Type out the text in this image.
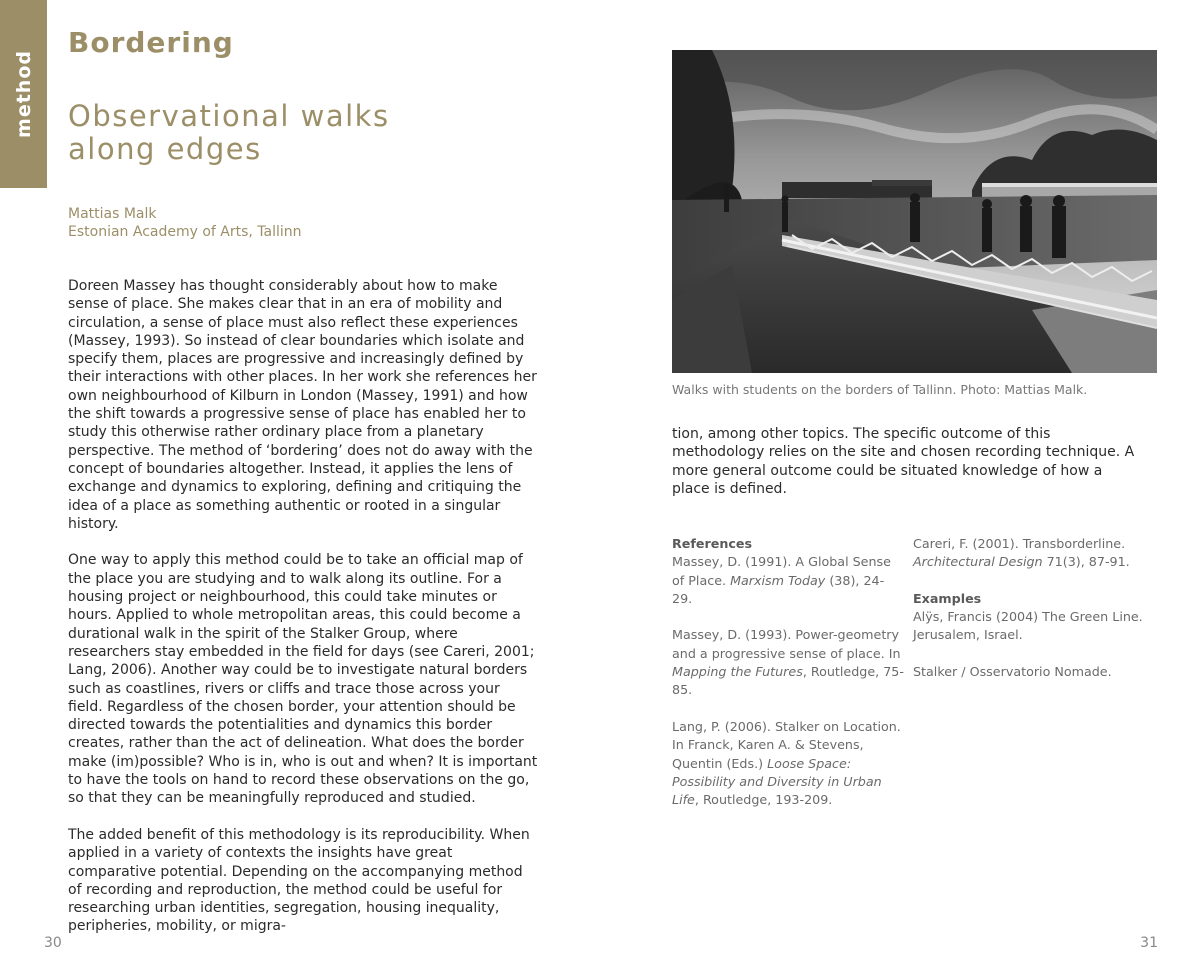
method
Bordering
Observational walks
along edges
Mattias Malk
Estonian Academy of Arts, Tallinn

Doreen Massey has thought considerably about how to make sense of place. She makes clear that in an era of mobility and circulation, a sense of place must also reflect these experiences (Massey, 1993). So instead of clear boundaries which isolate and specify them, places are progressive and increasingly defined by their interactions with other places. In her work she references her own neighbourhood of Kilburn in London (Massey, 1991) and how the shift towards a progressive sense of place has enabled her to study this otherwise rather ordinary place from a planetary perspective. The method of ‘bordering’ does not do away with the concept of boundaries altogether. Instead, it applies the lens of exchange and dynamics to exploring, defining and critiquing the idea of a place as something authentic or rooted in a singular history.

One way to apply this method could be to take an official map of the place you are studying and to walk along its outline. For a housing project or neighbourhood, this could take minutes or hours. Applied to whole metropolitan areas, this could become a durational walk in the spirit of the Stalker Group, where researchers stay embedded in the field for days (see Careri, 2001; Lang, 2006). Another way could be to investigate natural borders such as coastlines, rivers or cliffs and trace those across your field. Regardless of the chosen border, your attention should be directed towards the potentialities and dynamics this border creates, rather than the act of delineation. What does the border make (im)possible? Who is in, who is out and when? It is important to have the tools on hand to record these observations on the go, so that they can be meaningfully reproduced and studied.

The added benefit of this methodology is its reproducibility. When applied in a variety of contexts the insights have great comparative potential. Depending on the accompanying method of recording and reproduction, the method could be useful for researching urban identities, segregation, housing inequality, peripheries, mobility, or migra-

Walks with students on the borders of Tallinn. Photo: Mattias Malk.
tion, among other topics. The specific outcome of this methodology relies on the site and chosen recording technique. A more general outcome could be situated knowledge of how a place is defined.
References
Massey, D. (1991). A Global Sense of Place. Marxism Today (38), 24-29.
Massey, D. (1993). Power-geometry and a progressive sense of place. In Mapping the Futures, Routledge, 75-85.
Lang, P. (2006). Stalker on Location. In Franck, Karen A. & Stevens, Quentin (Eds.) Loose Space: Possibility and Diversity in Urban Life, Routledge, 193-209.
Careri, F. (2001). Transborderline. Architectural Design 71(3), 87-91.
Examples
Alÿs, Francis (2004) The Green Line. Jerusalem, Israel.
Stalker / Osservatorio Nomade.
30	31
